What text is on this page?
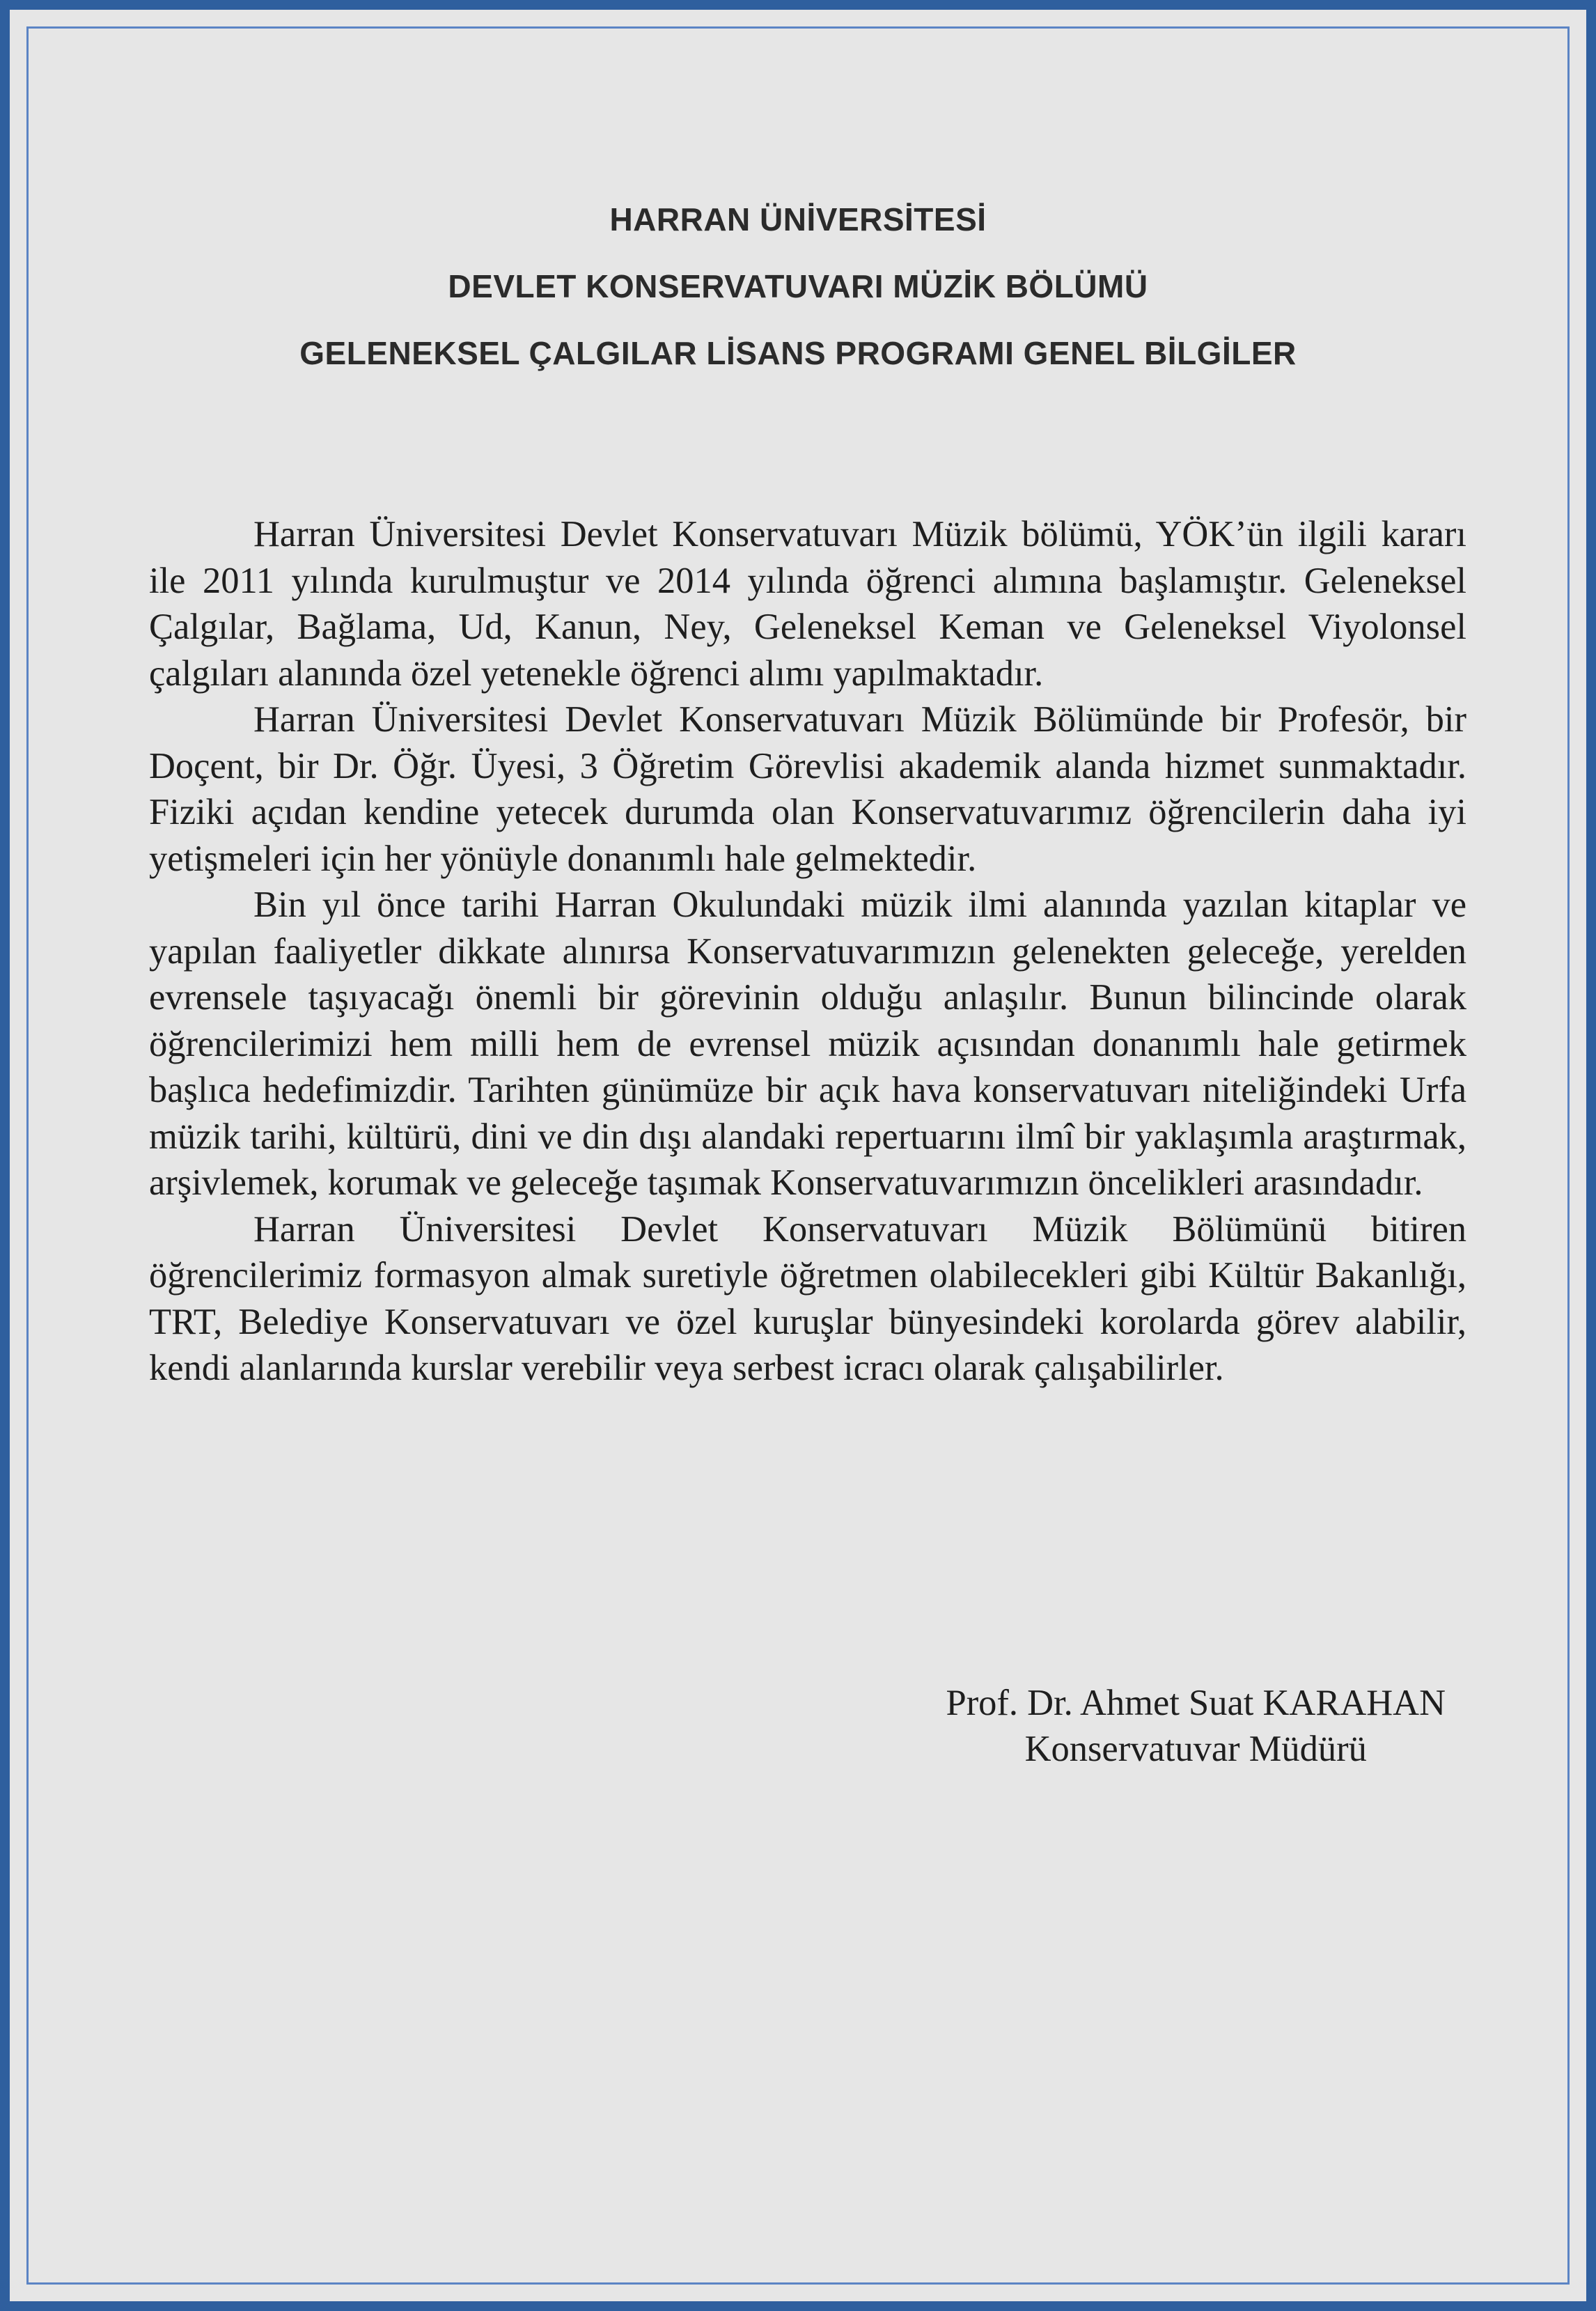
HARRAN ÜNİVERSİTESİ
DEVLET KONSERVATUVARI MÜZİK BÖLÜMÜ
GELENEKSEL ÇALGILAR LİSANS PROGRAMI GENEL BİLGİLER

Harran Üniversitesi Devlet Konservatuvarı Müzik bölümü, YÖK’ün ilgili kararı ile 2011 yılında kurulmuştur ve 2014 yılında öğrenci alımına başlamıştır. Geleneksel Çalgılar, Bağlama, Ud, Kanun, Ney, Geleneksel Keman ve Geleneksel Viyolonsel çalgıları alanında özel yetenekle öğrenci alımı yapılmaktadır.

Harran Üniversitesi Devlet Konservatuvarı Müzik Bölümünde bir Profesör, bir Doçent, bir Dr. Öğr. Üyesi, 3 Öğretim Görevlisi akademik alanda hizmet sunmaktadır. Fiziki açıdan kendine yetecek durumda olan Konservatuvarımız öğrencilerin daha iyi yetişmeleri için her yönüyle donanımlı hale gelmektedir.

Bin yıl önce tarihi Harran Okulundaki müzik ilmi alanında yazılan kitaplar ve yapılan faaliyetler dikkate alınırsa Konservatuvarımızın gelenekten geleceğe, yerelden evrensele taşıyacağı önemli bir görevinin olduğu anlaşılır. Bunun bilincinde olarak öğrencilerimizi hem milli hem de evrensel müzik açısından donanımlı hale getirmek başlıca hedefimizdir. Tarihten günümüze bir açık hava konservatuvarı niteliğindeki Urfa müzik tarihi, kültürü, dini ve din dışı alandaki repertuarını ilmî bir yaklaşımla araştırmak, arşivlemek, korumak ve geleceğe taşımak Konservatuvarımızın öncelikleri arasındadır.

Harran Üniversitesi Devlet Konservatuvarı Müzik Bölümünü bitiren öğrencilerimiz formasyon almak suretiyle öğretmen olabilecekleri gibi Kültür Bakanlığı, TRT, Belediye Konservatuvarı ve özel kuruşlar bünyesindeki korolarda görev alabilir, kendi alanlarında kurslar verebilir veya serbest icracı olarak çalışabilirler.

Prof. Dr. Ahmet Suat KARAHAN
Konservatuvar Müdürü
